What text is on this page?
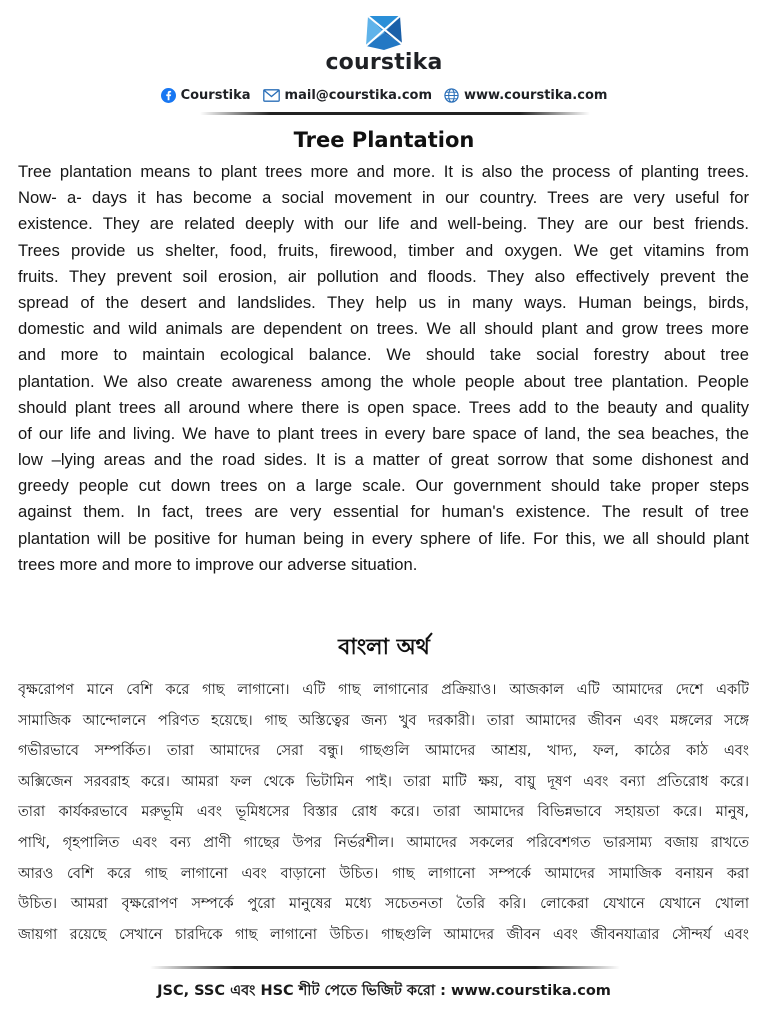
courstika
Courstika	mail@courstika.com www.courstika.com
Tree Plantation
Tree plantation means to plant trees more and more. It is also the process of planting trees.
Now- a- days it has become a social movement in our country. Trees are very useful for
existence. They are related deeply with our life and well-being. They are our best friends.
Trees provide us shelter, food, fruits, firewood, timber and oxygen. We get vitamins from
fruits. They prevent soil erosion, air pollution and floods. They also effectively prevent the
spread of the desert and landslides. They help us in many ways. Human beings, birds,
domestic and wild animals are dependent on trees. We all should plant and grow trees more
and more to maintain ecological balance. We should take social forestry about tree
plantation. We also create awareness among the whole people about tree plantation. People
should plant trees all around where there is open space. Trees add to the beauty and quality
of our life and living. We have to plant trees in every bare space of land, the sea beaches, the
low –lying areas and the road sides. It is a matter of great sorrow that some dishonest and
greedy people cut down trees on a large scale. Our government should take proper steps
against them. In fact, trees are very essential for human's existence. The result of tree
plantation will be positive for human being in every sphere of life. For this, we all should plant
trees more and more to improve our adverse situation.
বাংলা অর্থ
বৃক্ষরোপণ মানে বেশি করে গাছ লাগানো। এটি গাছ লাগানোর প্রক্রিয়াও। আজকাল এটি আমাদের দেশে একটি
সামাজিক আন্দোলনে পরিণত হয়েছে। গাছ অস্তিত্বের জন্য খুব দরকারী। তারা আমাদের জীবন এবং মঙ্গলের সঙ্গে
গভীরভাবে সম্পর্কিত। তারা আমাদের সেরা বন্ধু। গাছগুলি আমাদের আশ্রয়, খাদ্য, ফল, কাঠের কাঠ এবং
অক্সিজেন সরবরাহ করে। আমরা ফল থেকে ভিটামিন পাই। তারা মাটি ক্ষয়, বায়ু দূষণ এবং বন্যা প্রতিরোধ করে।
তারা কার্যকরভাবে মরুভূমি এবং ভূমিধসের বিস্তার রোধ করে। তারা আমাদের বিভিন্নভাবে সহায়তা করে। মানুষ,
পাখি, গৃহপালিত এবং বন্য প্রাণী গাছের উপর নির্ভরশীল। আমাদের সকলের পরিবেশগত ভারসাম্য বজায় রাখতে
আরও বেশি করে গাছ লাগানো এবং বাড়ানো উচিত। গাছ লাগানো সম্পর্কে আমাদের সামাজিক বনায়ন করা
উচিত। আমরা বৃক্ষরোপণ সম্পর্কে পুরো মানুষের মধ্যে সচেতনতা তৈরি করি। লোকেরা যেখানে যেখানে খোলা
জায়গা রয়েছে সেখানে চারদিকে গাছ লাগানো উচিত। গাছগুলি আমাদের জীবন এবং জীবনযাত্রার সৌন্দর্য এবং
JSC, SSC এবং HSC শীট পেতে ভিজিট করো : www.courstika.com
